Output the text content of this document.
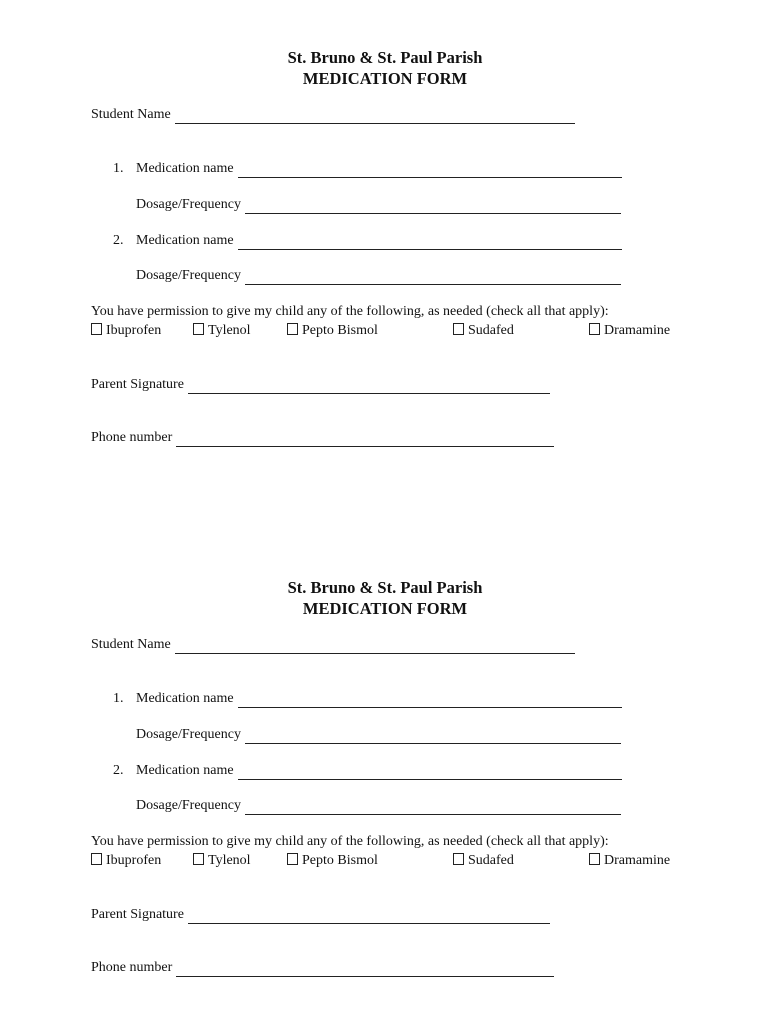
St. Bruno & St. Paul Parish
MEDICATION FORM
Student Name
1. Medication name
Dosage/Frequency
2. Medication name
Dosage/Frequency
You have permission to give my child any of the following, as needed (check all that apply):
Ibuprofen	Tylenol	Pepto Bismol	Sudafed	Dramamine
Parent Signature
Phone number
St. Bruno & St. Paul Parish
MEDICATION FORM
Student Name
1. Medication name
Dosage/Frequency
2. Medication name
Dosage/Frequency
You have permission to give my child any of the following, as needed (check all that apply):
Ibuprofen	Tylenol	Pepto Bismol	Sudafed	Dramamine
Parent Signature
Phone number
